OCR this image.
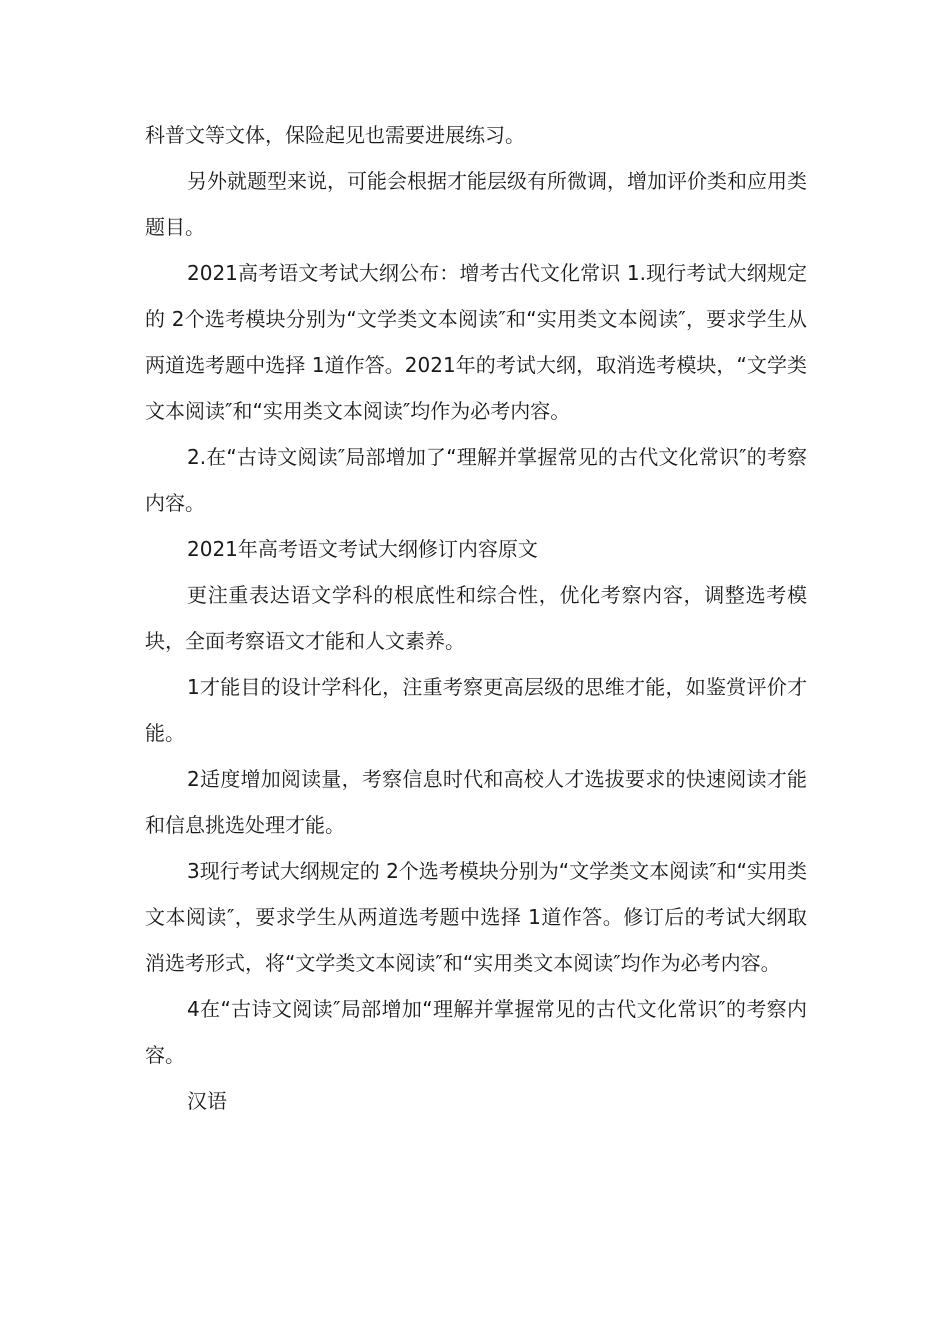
科普文等文体，保险起见也需要进展练习。

另外就题型来说，可能会根据才能层级有所微调，增加评价类和应用类题目。

2021高考语文考试大纲公布：增考古代文化常识 1.现行考试大纲规定的 2个选考模块分别为“文学类文本阅读″和“实用类文本阅读″，要求学生从两道选考题中选择 1道作答。2021年的考试大纲，取消选考模块，“文学类文本阅读″和“实用类文本阅读″均作为必考内容。

2.在“古诗文阅读″局部增加了“理解并掌握常见的古代文化常识″的考察内容。

2021年高考语文考试大纲修订内容原文

更注重表达语文学科的根底性和综合性，优化考察内容，调整选考模块，全面考察语文才能和人文素养。

1才能目的设计学科化，注重考察更高层级的思维才能，如鉴赏评价才能。

2适度增加阅读量，考察信息时代和高校人才选拔要求的快速阅读才能和信息挑选处理才能。

3现行考试大纲规定的 2个选考模块分别为“文学类文本阅读″和“实用类文本阅读″，要求学生从两道选考题中选择 1道作答。修订后的考试大纲取消选考形式，将“文学类文本阅读″和“实用类文本阅读″均作为必考内容。

4在“古诗文阅读″局部增加“理解并掌握常见的古代文化常识″的考察内容。

汉语
